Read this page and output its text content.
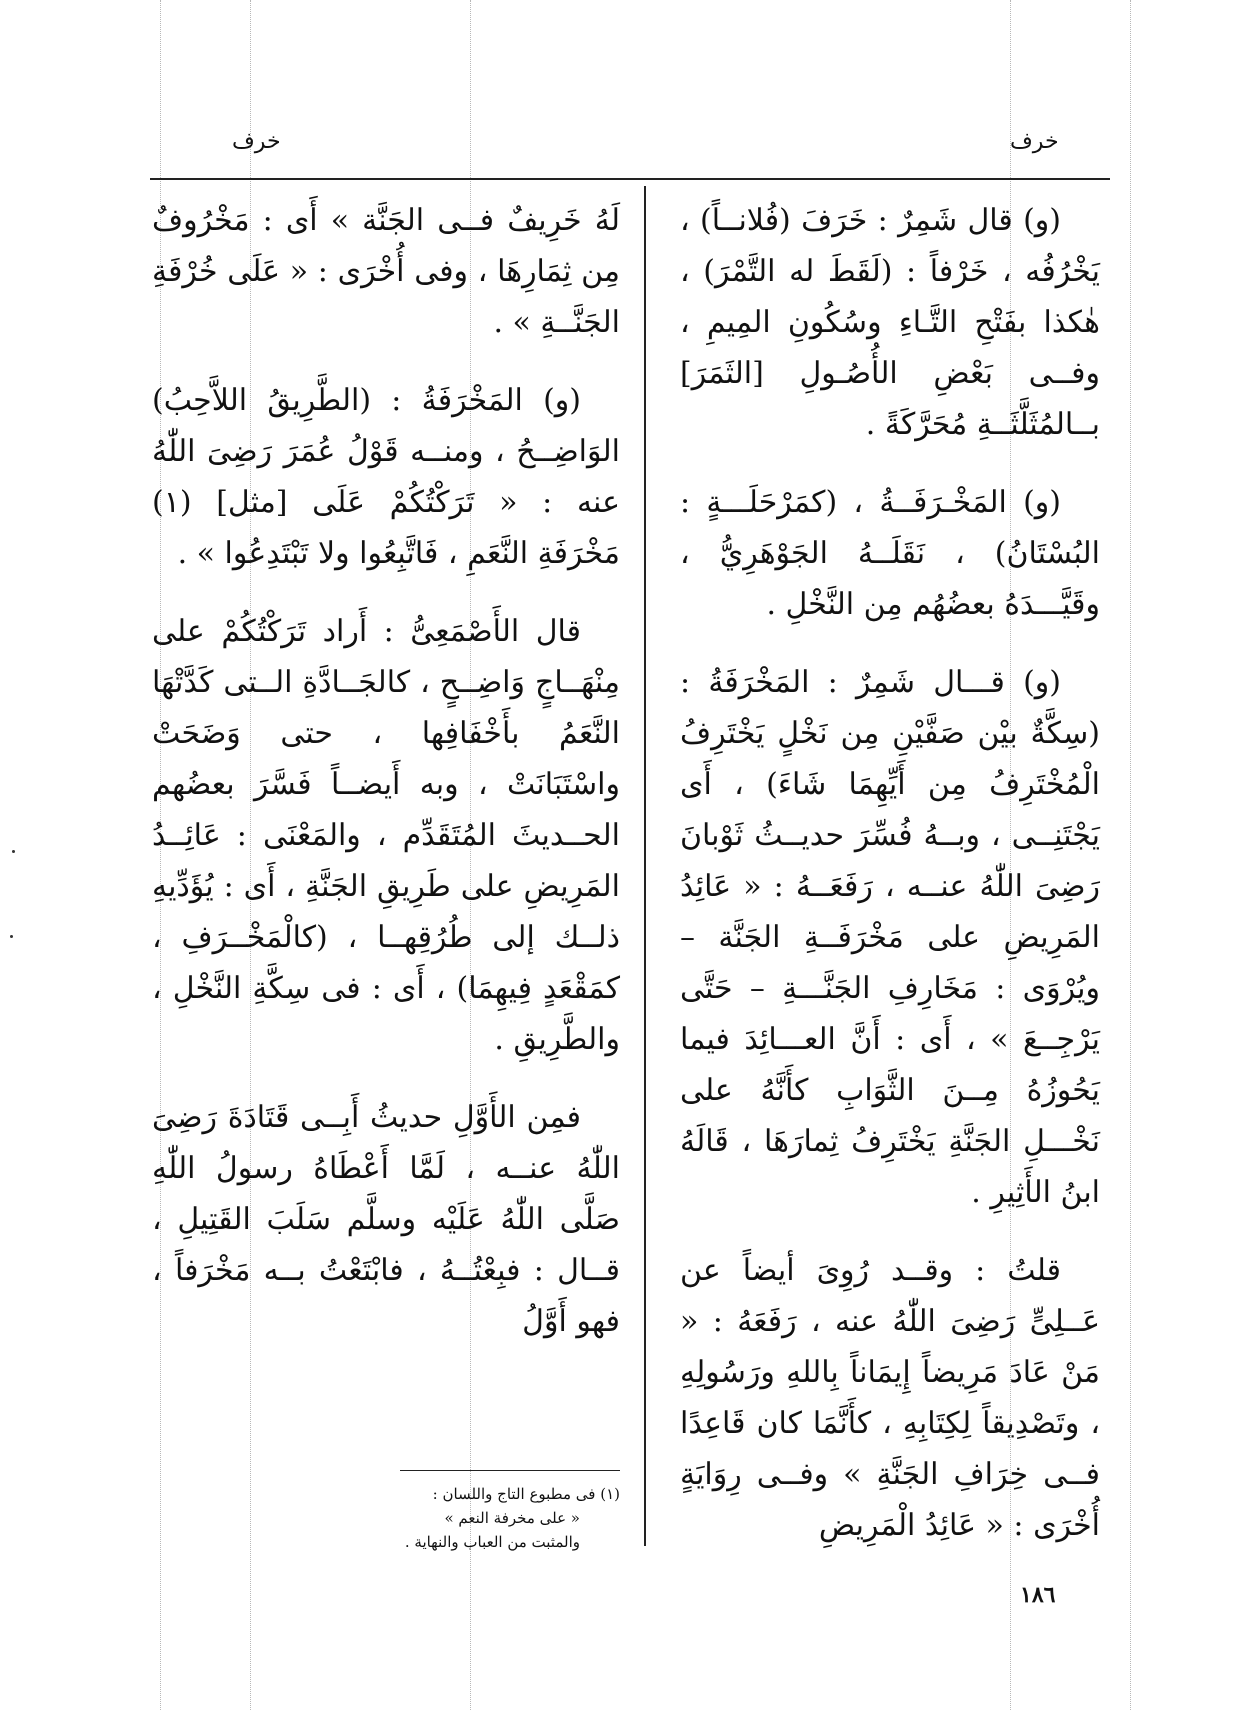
خرف
خرف

(و) قال شَمِرٌ : خَرَفَ (فُلانــاً) ، يَخْرُفُه ، خَرْفاً : (لَقَطَ له التَّمْرَ) ، هٰكذا بفَتْحِ التَّـاءِ وسُكُونِ المِيمِ ، وفــى بَعْضِ الأُصُـولِ [الثَمَرَ] بــالمُثَلَّثَــةِ مُحَرَّكَةً .

(و) المَخْـرَفَــةُ ، (كمَرْحَلَـــةٍ : البُسْتَانُ) ، نَقَلَــهُ الجَوْهَرِيُّ ، وقَيَّـــدَهُ بعضُهُم مِن النَّخْلِ .

(و) قـــال شَمِرٌ : المَخْرَفَةُ : (سِكَّةٌ بيْن صَفَّيْنِ مِن نَخْلٍ يَخْتَرِفُ الْمُخْتَرِفُ مِن أَيِّهِمَا شَاءَ) ، أَى يَجْتَنِــى ، وبــهُ فُسِّرَ حديــثُ ثَوْبانَ رَضِىَ اللّٰهُ عنــه ، رَفَعَــهُ : « عَائِدُ المَرِيضِ على مَخْرَفَــةِ الجَنَّة – ويُرْوَى : مَخَارِفِ الجَنَّـــةِ – حَتَّى يَرْجِــعَ » ، أَى : أَنَّ العـــائِدَ فيما يَحُوزُهُ مِــنَ الثَّوَابِ كأَنَّهُ على نَخْـــلِ الجَنَّةِ يَخْتَرِفُ ثِمارَهَا ، قَالَهُ ابنُ الأَثِيرِ .

قلتُ : وقــد رُوِىَ أيضاً عن عَــلِىٍّ رَضِىَ اللّٰهُ عنه ، رَفَعَهُ : « مَنْ عَادَ مَرِيضاً إِيمَاناً بِاللهِ ورَسُولِهِ ، وتَصْدِيقاً لِكِتَابِهِ ، كأَنَّمَا كان قَاعِدًا فــى خِرَافِ الجَنَّةِ » وفــى رِوَايَةٍ أُخْرَى : « عَائِدُ الْمَرِيضِ

لَهُ خَرِيفٌ فــى الجَنَّة » أَى : مَخْرُوفٌ مِن ثِمَارِهَا ، وفى أُخْرَى : « عَلَى خُرْفَةِ الجَنَّــةِ » .

(و) المَخْرَفَةُ : (الطَّرِيقُ اللاَّحِبُ) الوَاضِــحُ ، ومنــه قَوْلُ عُمَرَ رَضِىَ اللّٰهُ عنه : « تَرَكْتُكُمْ عَلَى [مثل] (١) مَخْرَفَةِ النَّعَمِ ، فَاتَّبِعُوا ولا تَبْتَدِعُوا » .

قال الأَصْمَعِىُّ : أَراد تَرَكْتُكُمْ على مِنْهَــاجٍ وَاضِــحٍ ، كالجَــادَّةِ الــتى كَدَّتْهَا النَّعَمُ بأَخْفَافِها ، حتى وَضَحَتْ واسْتَبَانَتْ ، وبه أَيضــاً فَسَّرَ بعضُهم الحــديثَ المُتَقَدِّم ، والمَعْنَى : عَائِــدُ المَرِيضِ على طَرِيقِ الجَنَّةِ ، أَى : يُؤَدِّيهِ ذلــك إلى طُرُقِهــا ، (كالْمَخْــرَفِ ، كمَقْعَدٍ فِيهِمَا) ، أَى : فى سِكَّةِ النَّخْلِ ، والطَّرِيقِ .

فمِن الأَوَّلِ حديثُ أَبِــى قَتَادَةَ رَضِىَ اللّٰهُ عنــه ، لَمَّا أَعْطَاهُ رسولُ اللّٰهِ صَلَّى اللّٰهُ عَلَيْه وسلَّم سَلَبَ القَتِيلِ ، قــال : فبِعْتُــهُ ، فابْتَعْتُ بــه مَخْرَفاً ، فهو أَوَّلُ

(١) فى مطبوع التاج واللسان :
« على مخرفة النعم »
والمثبت من العباب والنهاية .
١٨٦
